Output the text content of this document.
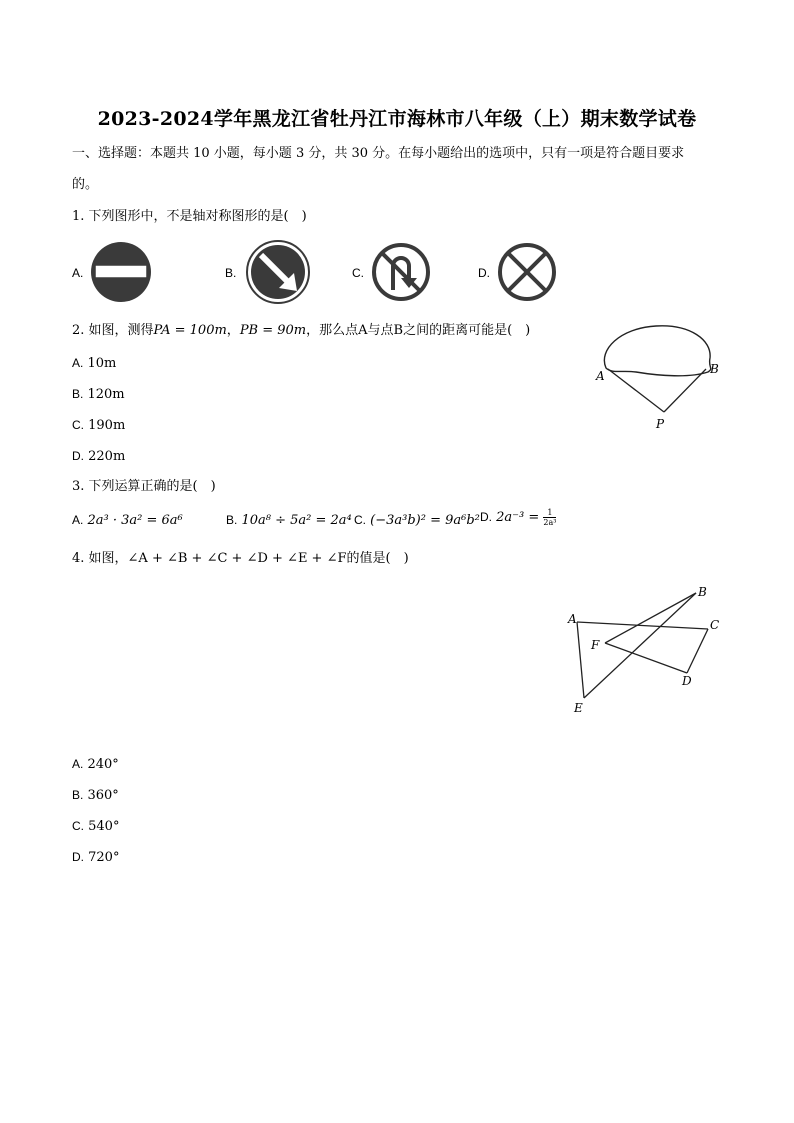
2023-2024学年黑龙江省牡丹江市海林市八年级（上）期末数学试卷
一、选择题：本题共 10 小题，每小题 3 分，共 30 分。在每小题给出的选项中，只有一项是符合题目要求
的。
1. 下列图形中，不是轴对称图形的是(　)
A.	B.	C.	D.
2. 如图，测得PA = 100m，PB = 90m，那么点A与点B之间的距离可能是(　)
A. 10m
B. 120m
C. 190m
D. 220m
A	B
P
3. 下列运算正确的是(　)
A. 2a³ · 3a² = 6a⁶	B. 10a⁸ ÷ 5a² = 2a⁴ C. (−3a³b)² = 9a⁶b² D. $2a^{-3} = \frac{1}{\text{2a³}}$
4. 如图，∠A + ∠B + ∠C + ∠D + ∠E + ∠F的值是(　)
A
B
C
D
E
F
A. 240°
B. 360°
C. 540°
D. 720°
